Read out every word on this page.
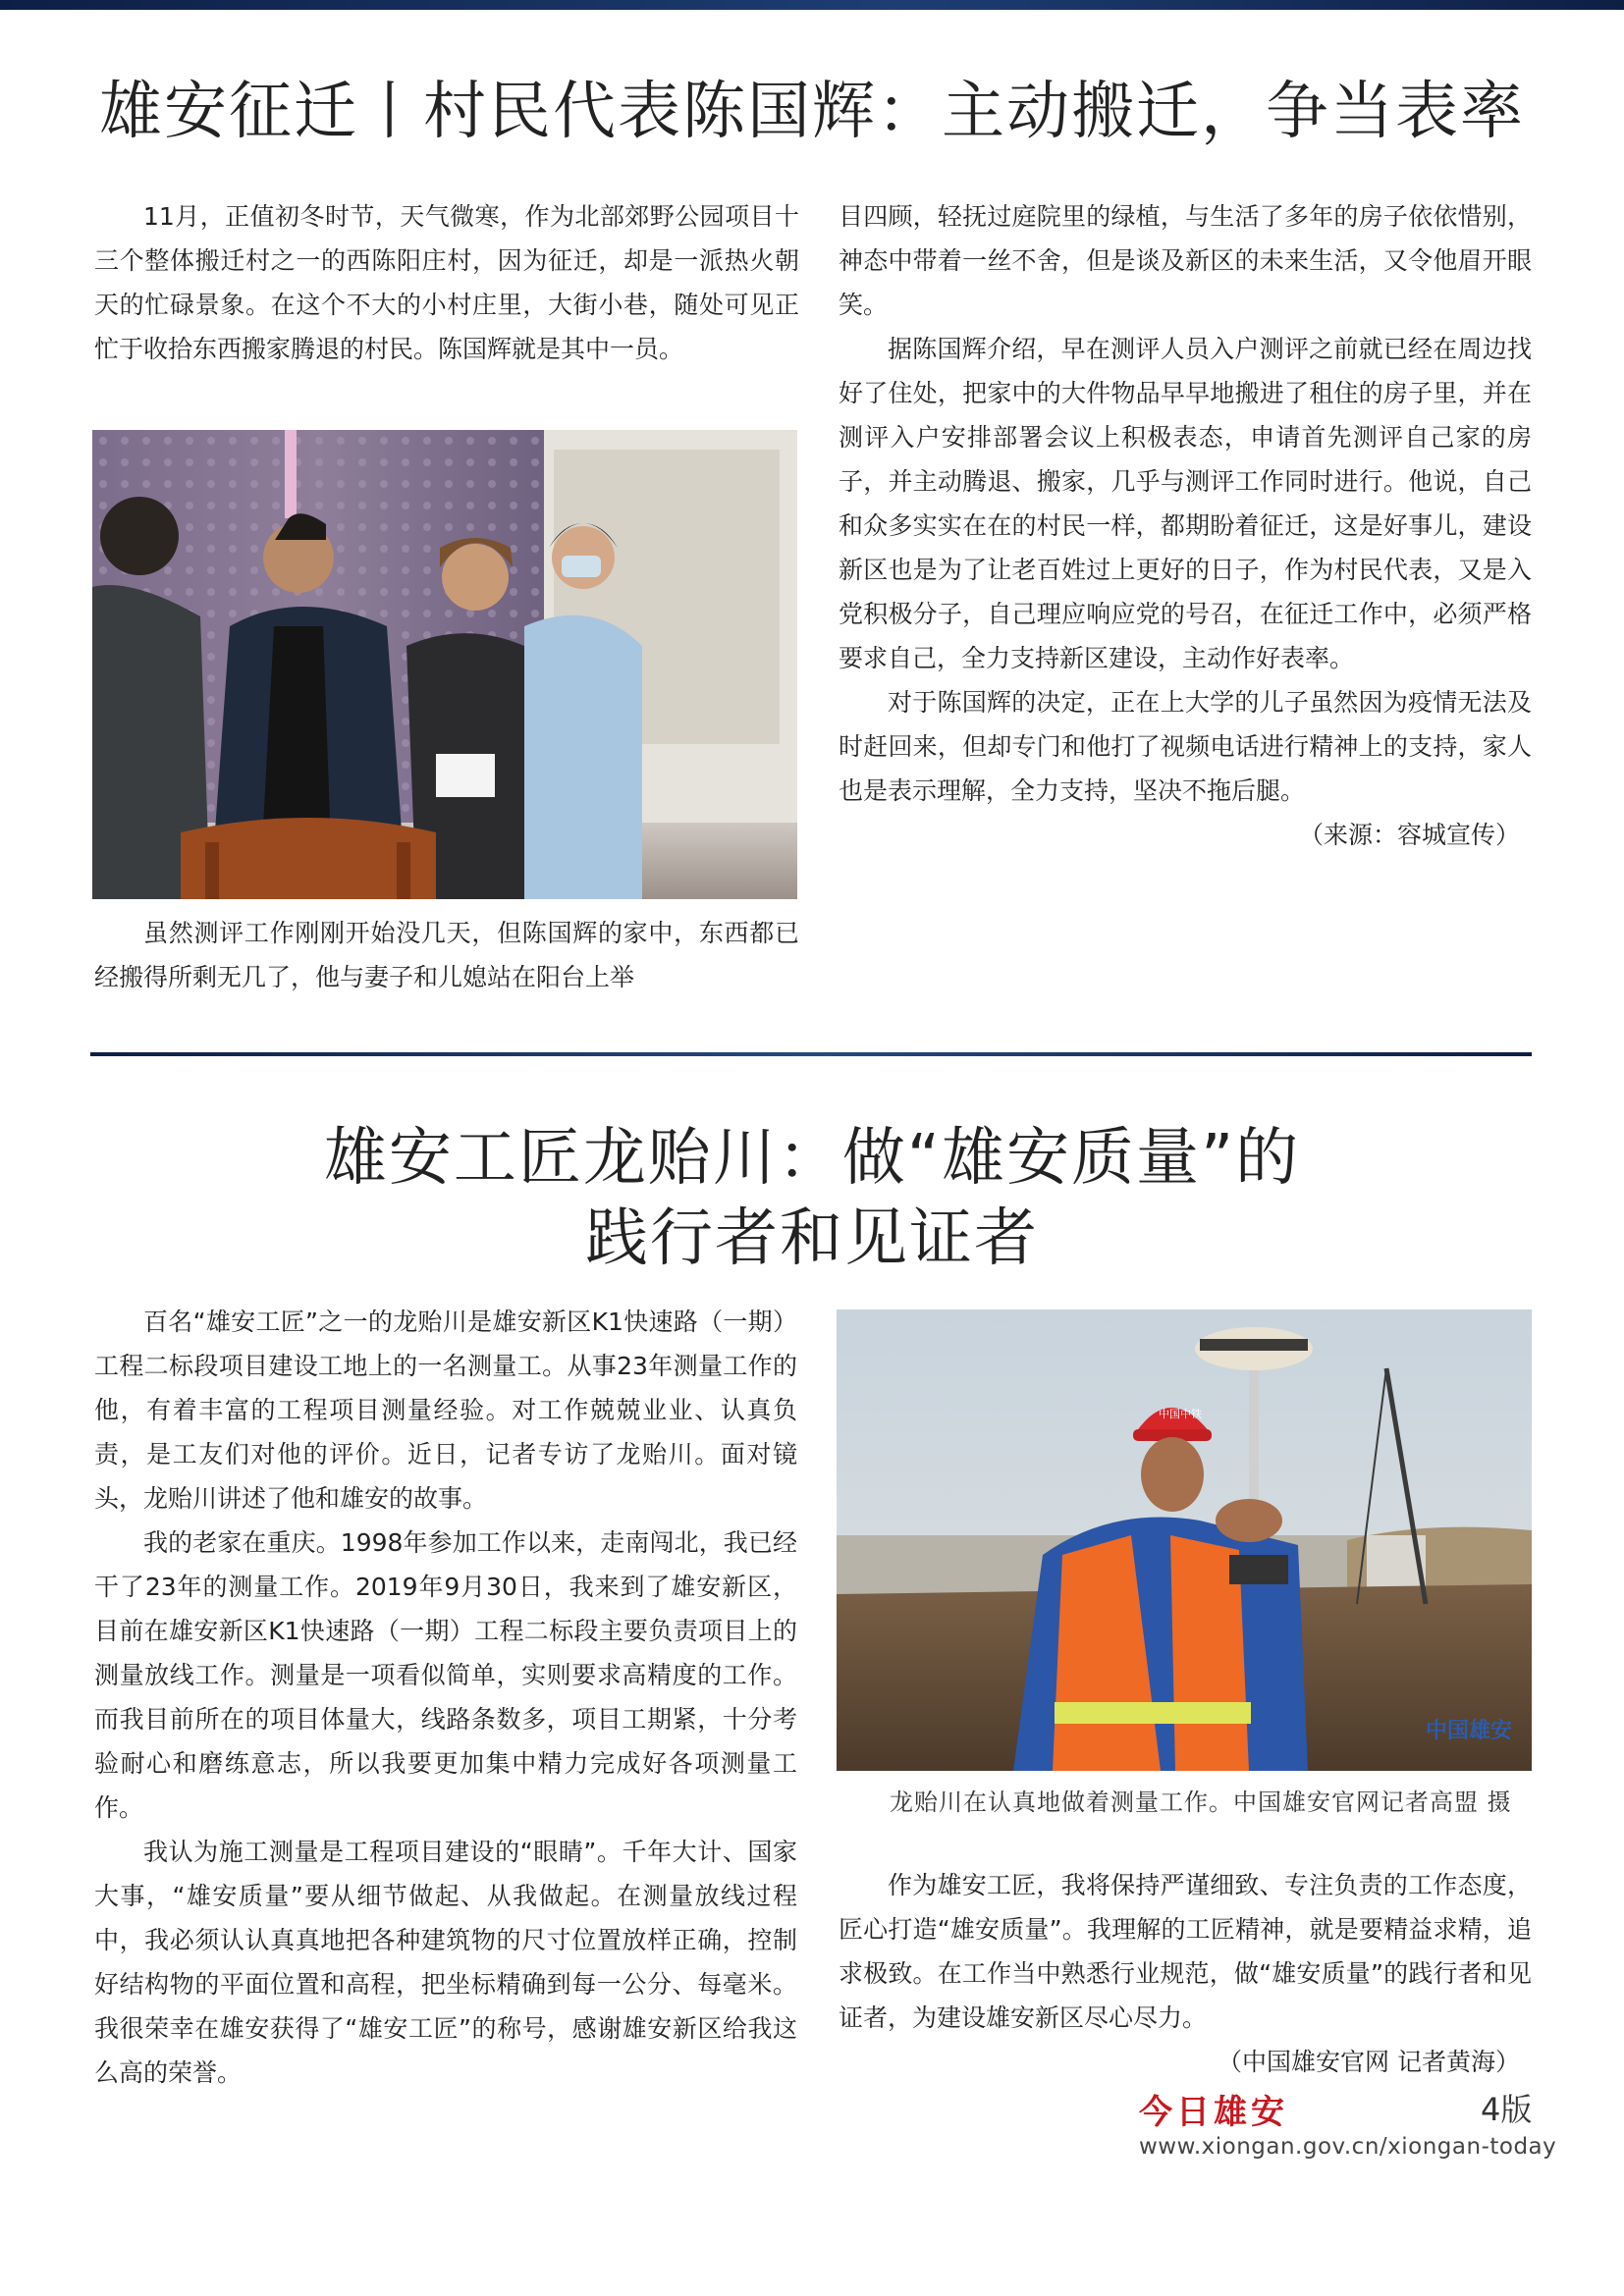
雄安征迁丨村民代表陈国辉：主动搬迁，争当表率

11月，正值初冬时节，天气微寒，作为北部郊野公园项目十三个整体搬迁村之一的西陈阳庄村，因为征迁，却是一派热火朝天的忙碌景象。在这个不大的小村庄里，大街小巷，随处可见正忙于收拾东西搬家腾退的村民。陈国辉就是其中一员。

虽然测评工作刚刚开始没几天，但陈国辉的家中，东西都已经搬得所剩无几了，他与妻子和儿媳站在阳台上举

目四顾，轻抚过庭院里的绿植，与生活了多年的房子依依惜别，神态中带着一丝不舍，但是谈及新区的未来生活，又令他眉开眼笑。

据陈国辉介绍，早在测评人员入户测评之前就已经在周边找好了住处，把家中的大件物品早早地搬进了租住的房子里，并在测评入户安排部署会议上积极表态，申请首先测评自己家的房子，并主动腾退、搬家，几乎与测评工作同时进行。他说，自己和众多实实在在的村民一样，都期盼着征迁，这是好事儿，建设新区也是为了让老百姓过上更好的日子，作为村民代表，又是入党积极分子，自己理应响应党的号召，在征迁工作中，必须严格要求自己，全力支持新区建设，主动作好表率。

对于陈国辉的决定，正在上大学的儿子虽然因为疫情无法及时赶回来，但却专门和他打了视频电话进行精神上的支持，家人也是表示理解，全力支持，坚决不拖后腿。

（来源：容城宣传）

雄安工匠龙贻川：做“雄安质量”的
践行者和见证者

百名“雄安工匠”之一的龙贻川是雄安新区K1快速路（一期）工程二标段项目建设工地上的一名测量工。从事23年测量工作的他，有着丰富的工程项目测量经验。对工作兢兢业业、认真负责，是工友们对他的评价。近日，记者专访了龙贻川。面对镜头，龙贻川讲述了他和雄安的故事。

我的老家在重庆。1998年参加工作以来，走南闯北，我已经干了23年的测量工作。2019年9月30日，我来到了雄安新区，目前在雄安新区K1快速路（一期）工程二标段主要负责项目上的测量放线工作。测量是一项看似简单，实则要求高精度的工作。而我目前所在的项目体量大，线路条数多，项目工期紧，十分考验耐心和磨练意志，所以我要更加集中精力完成好各项测量工作。

我认为施工测量是工程项目建设的“眼睛”。千年大计、国家大事，“雄安质量”要从细节做起、从我做起。在测量放线过程中，我必须认认真真地把各种建筑物的尺寸位置放样正确，控制好结构物的平面位置和高程，把坐标精确到每一公分、每毫米。我很荣幸在雄安获得了“雄安工匠”的称号，感谢雄安新区给我这么高的荣誉。

中国中铁
中国雄安
龙贻川在认真地做着测量工作。中国雄安官网记者高盟 摄

作为雄安工匠，我将保持严谨细致、专注负责的工作态度，匠心打造“雄安质量”。我理解的工匠精神，就是要精益求精，追求极致。在工作当中熟悉行业规范，做“雄安质量”的践行者和见证者，为建设雄安新区尽心尽力。

（中国雄安官网 记者黄海）

今日雄安	4版
www.xiongan.gov.cn/xiongan-today
